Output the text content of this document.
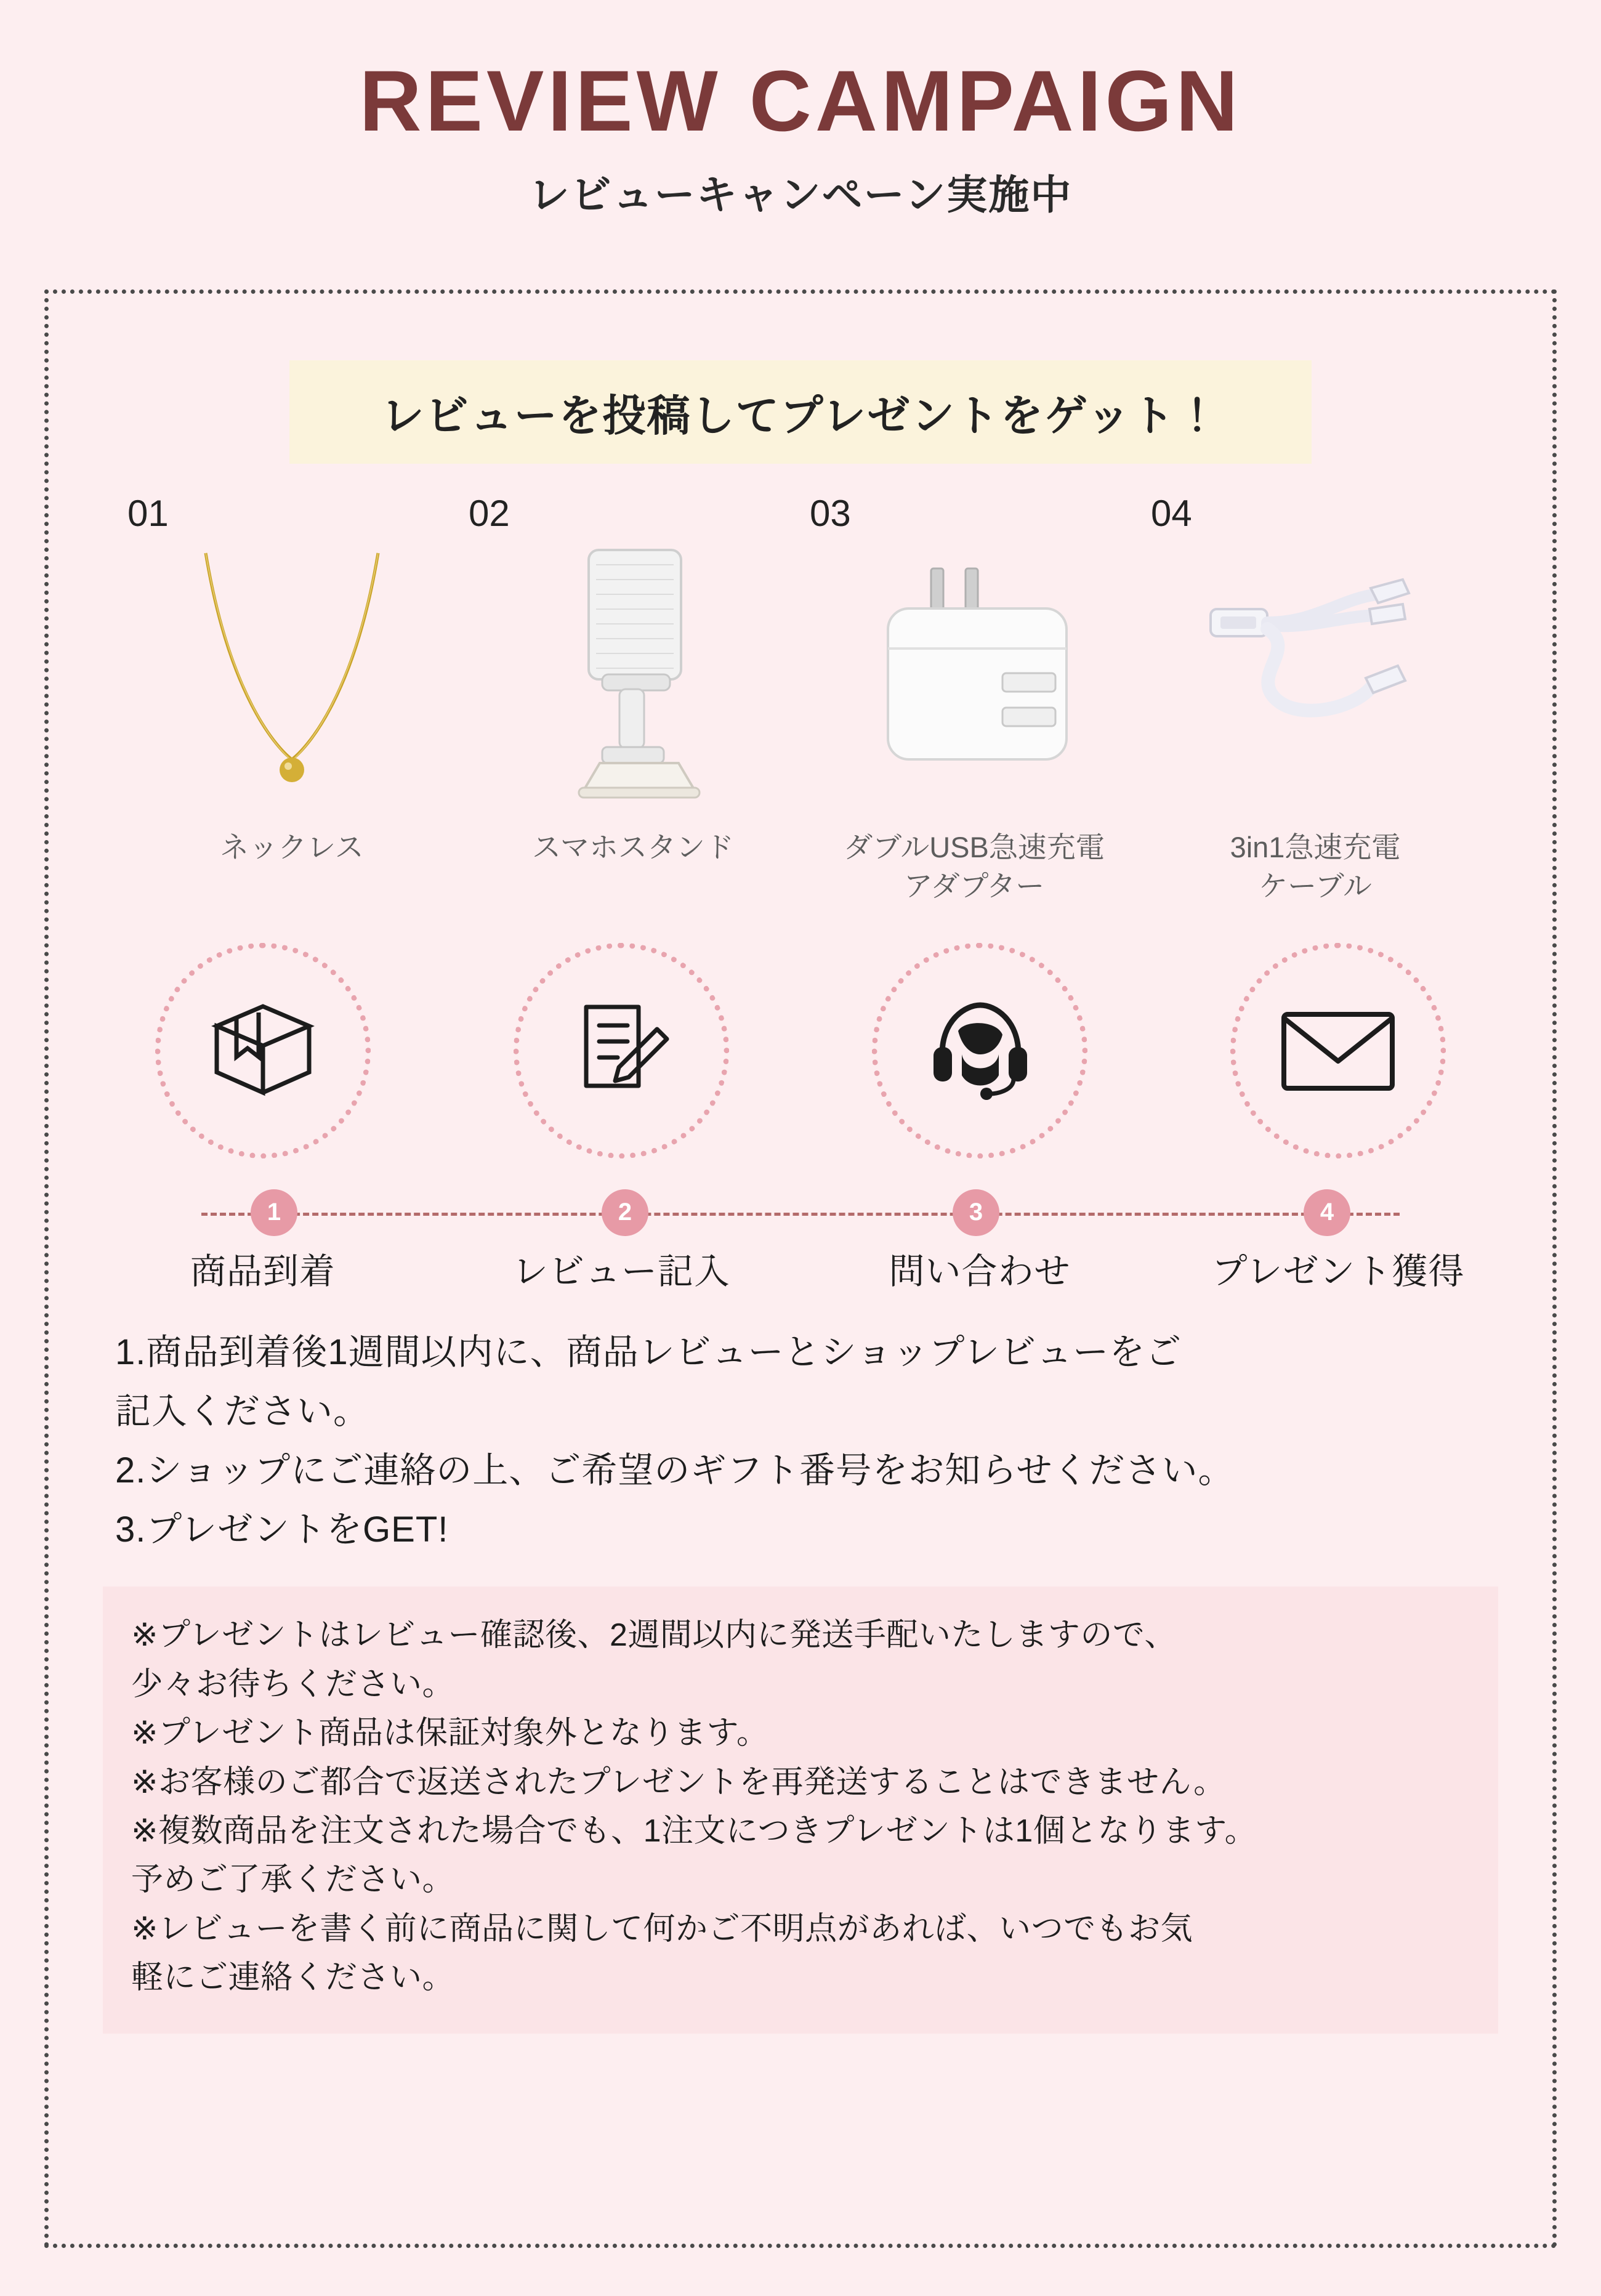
REVIEW CAMPAIGN
レビューキャンペーン実施中
レビューを投稿してプレゼントをゲット！
01
ネックレス
02
スマホスタンド
03
ダブルUSB急速充電
アダプター
04
3in1急速充電
ケーブル
1	2	3	4
商品到着	レビュー記入	問い合わせ	プレゼント獲得

1.商品到着後1週間以内に、商品レビューとショップレビューをご

記入ください。

2.ショップにご連絡の上、ご希望のギフト番号をお知らせください。

3.プレゼントをGET!

※プレゼントはレビュー確認後、2週間以内に発送手配いたしますので、

少々お待ちください。

※プレゼント商品は保証対象外となります。

※お客様のご都合で返送されたプレゼントを再発送することはできません。

※複数商品を注文された場合でも、1注文につきプレゼントは1個となります。

予めご了承ください。

※レビューを書く前に商品に関して何かご不明点があれば、いつでもお気

軽にご連絡ください。
